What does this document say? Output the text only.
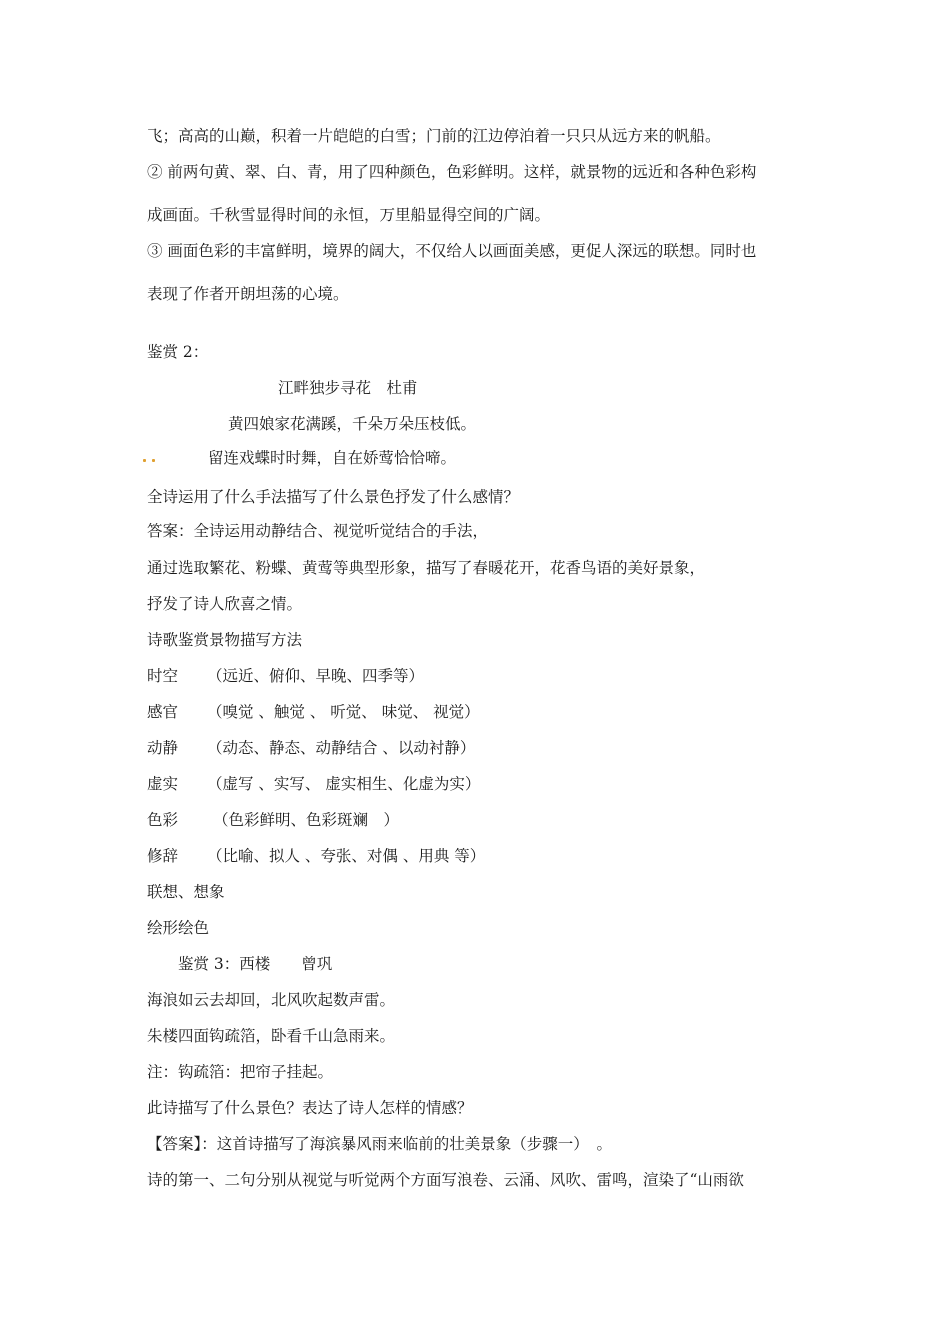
飞；高高的山巅，积着一片皑皑的白雪；门前的江边停泊着一只只从远方来的帆船。
② 前两句黄、翠、白、青，用了四种颜色，色彩鲜明。这样，就景物的远近和各种色彩构
成画面。千秋雪显得时间的永恒，万里船显得空间的广阔。
③ 画面色彩的丰富鲜明，境界的阔大，不仅给人以画面美感，更促人深远的联想。同时也
表现了作者开朗坦荡的心境。
鉴赏 2：
江畔独步寻花　杜甫
黄四娘家花满蹊，千朵万朵压枝低。
留连戏蝶时时舞，自在娇莺恰恰啼。
全诗运用了什么手法描写了什么景色抒发了什么感情？
答案：全诗运用动静结合、视觉听觉结合的手法，
通过选取繁花、粉蝶、黄莺等典型形象，描写了春暖花开，花香鸟语的美好景象，
抒发了诗人欣喜之情。
诗歌鉴赏景物描写方法
时空 （远近、俯仰、早晚、四季等）
感官 （嗅觉 、触觉 、 听觉、 味觉、 视觉）
动静 （动态、静态、动静结合 、以动衬静）
虚实 （虚写 、实写、 虚实相生、化虚为实）
色彩 （色彩鲜明、色彩斑斓　）
修辞 （比喻、拟人 、夸张、对偶 、用典 等）
联想、想象
绘形绘色
鉴赏 3：西楼　　曾巩
海浪如云去却回，北风吹起数声雷。
朱楼四面钩疏箔，卧看千山急雨来。
注：钩疏箔：把帘子挂起。
此诗描写了什么景色？表达了诗人怎样的情感？
【答案】：这首诗描写了海滨暴风雨来临前的壮美景象（步骤一）　。
诗的第一、二句分别从视觉与听觉两个方面写浪卷、云涌、风吹、雷鸣，渲染了“山雨欲
